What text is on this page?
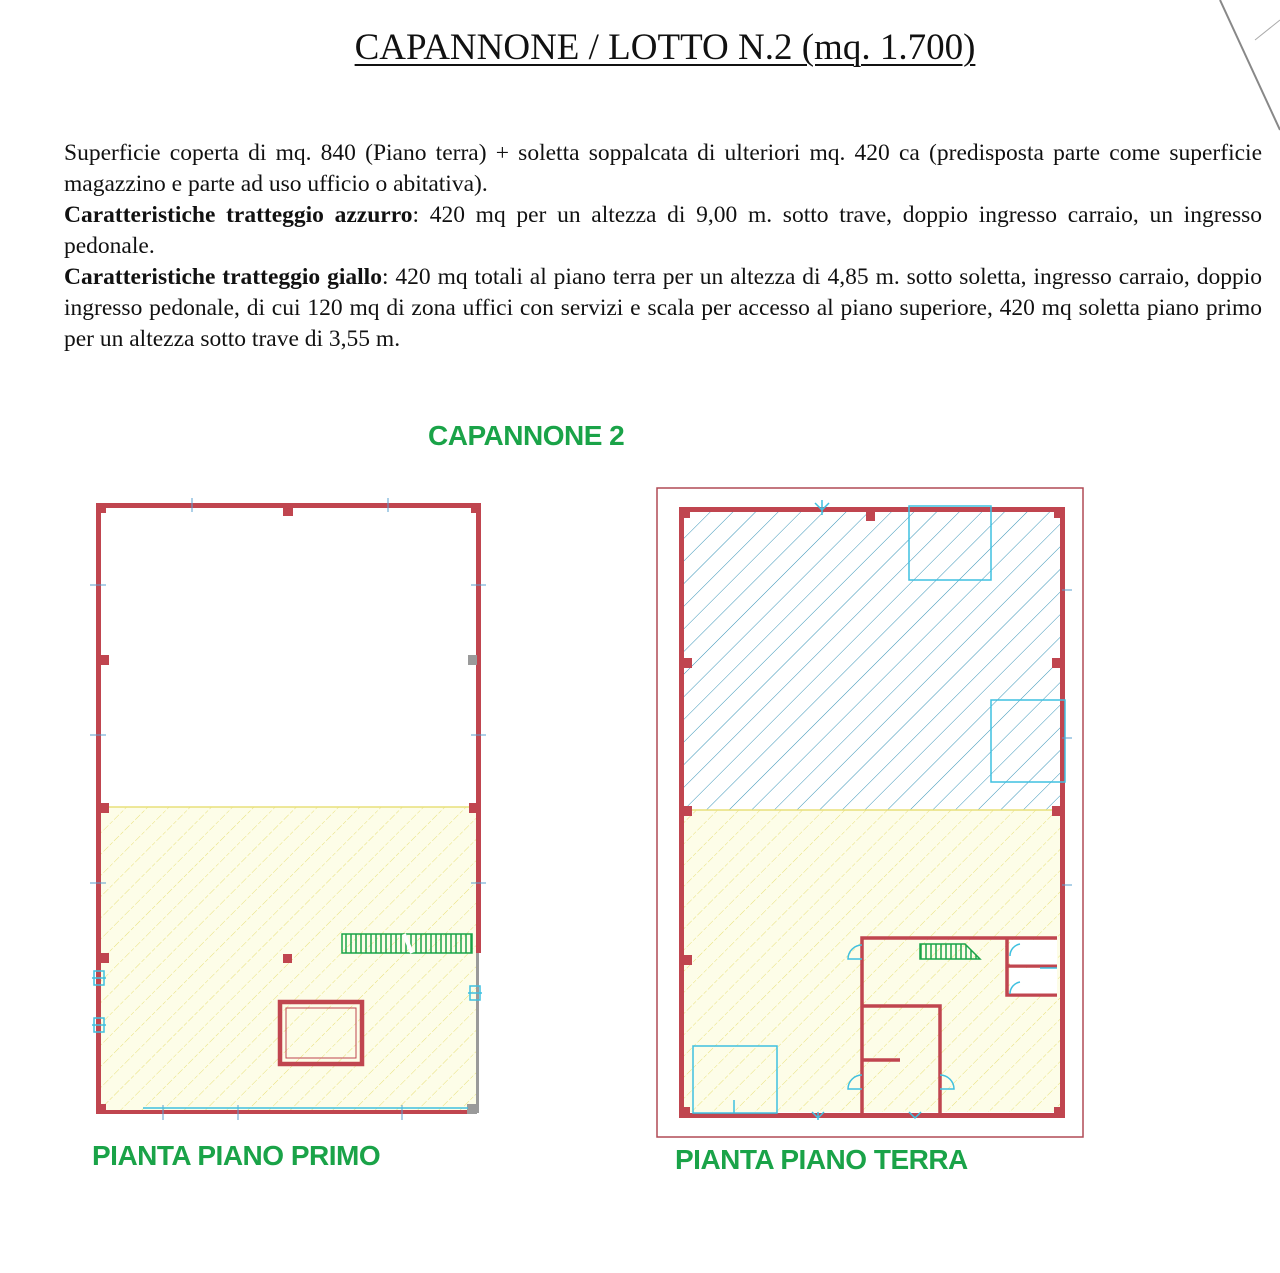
CAPANNONE / LOTTO N.2 (mq. 1.700)

Superficie coperta di mq. 840 (Piano terra) + soletta soppalcata di ulteriori mq. 420 ca (predisposta parte come superficie magazzino e parte ad uso ufficio o abitativa).

Caratteristiche tratteggio azzurro: 420 mq per un altezza di 9,00 m. sotto trave, doppio ingresso carraio, un ingresso pedonale.

Caratteristiche tratteggio giallo: 420 mq totali al piano terra per un altezza di 4,85 m. sotto soletta, ingresso carraio, doppio ingresso pedonale, di cui 120 mq di zona uffici con servizi e scala per accesso al piano superiore, 420 mq soletta piano primo per un altezza sotto trave di 3,55 m.

CAPANNONE 2
PIANTA PIANO PRIMO	PIANTA PIANO TERRA
